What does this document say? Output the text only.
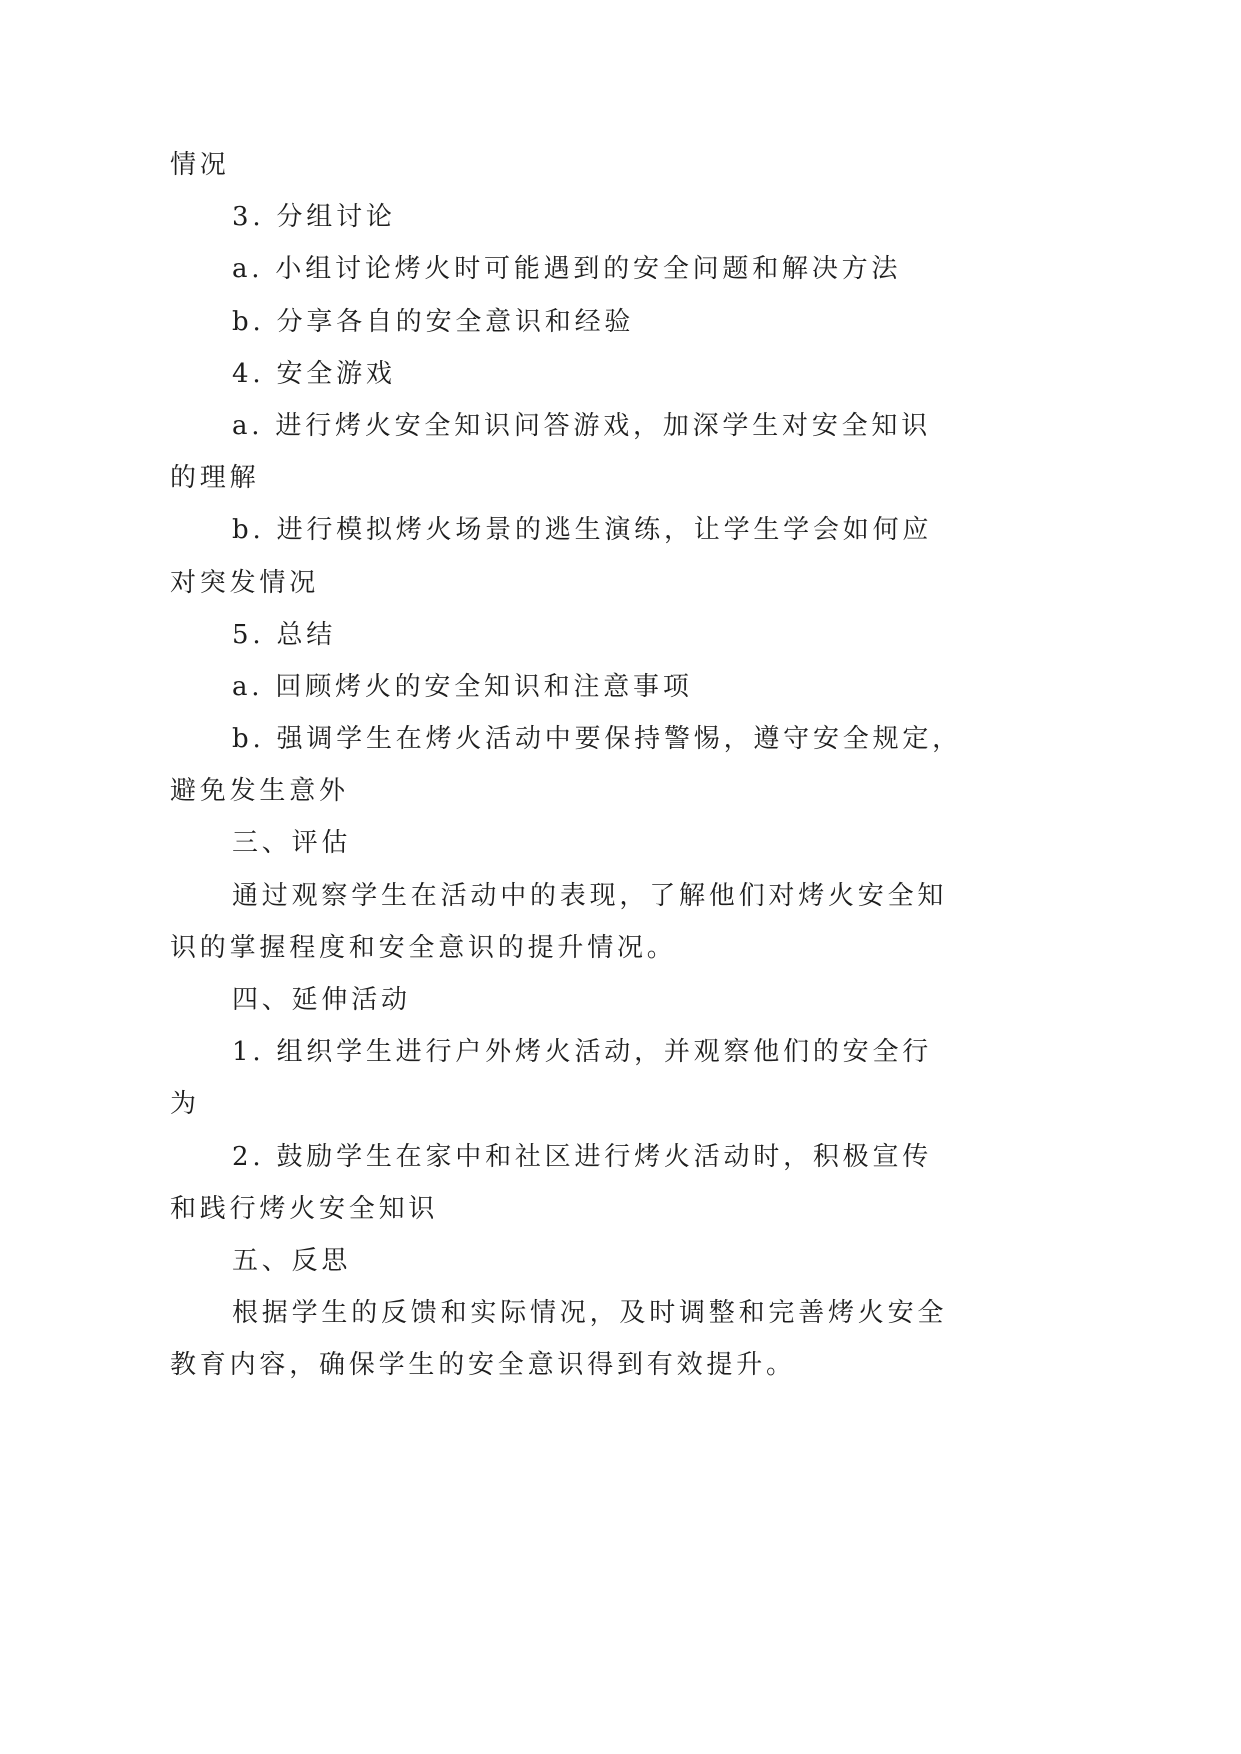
情况
3. 分组讨论
a. 小组讨论烤火时可能遇到的安全问题和解决方法
b. 分享各自的安全意识和经验
4. 安全游戏
a. 进行烤火安全知识问答游戏，加深学生对安全知识
的理解
b. 进行模拟烤火场景的逃生演练，让学生学会如何应
对突发情况
5. 总结
a. 回顾烤火的安全知识和注意事项
b. 强调学生在烤火活动中要保持警惕，遵守安全规定，
避免发生意外
三、评估
通过观察学生在活动中的表现，了解他们对烤火安全知
识的掌握程度和安全意识的提升情况。
四、延伸活动
1. 组织学生进行户外烤火活动，并观察他们的安全行
为
2. 鼓励学生在家中和社区进行烤火活动时，积极宣传
和践行烤火安全知识
五、反思
根据学生的反馈和实际情况，及时调整和完善烤火安全
教育内容，确保学生的安全意识得到有效提升。
